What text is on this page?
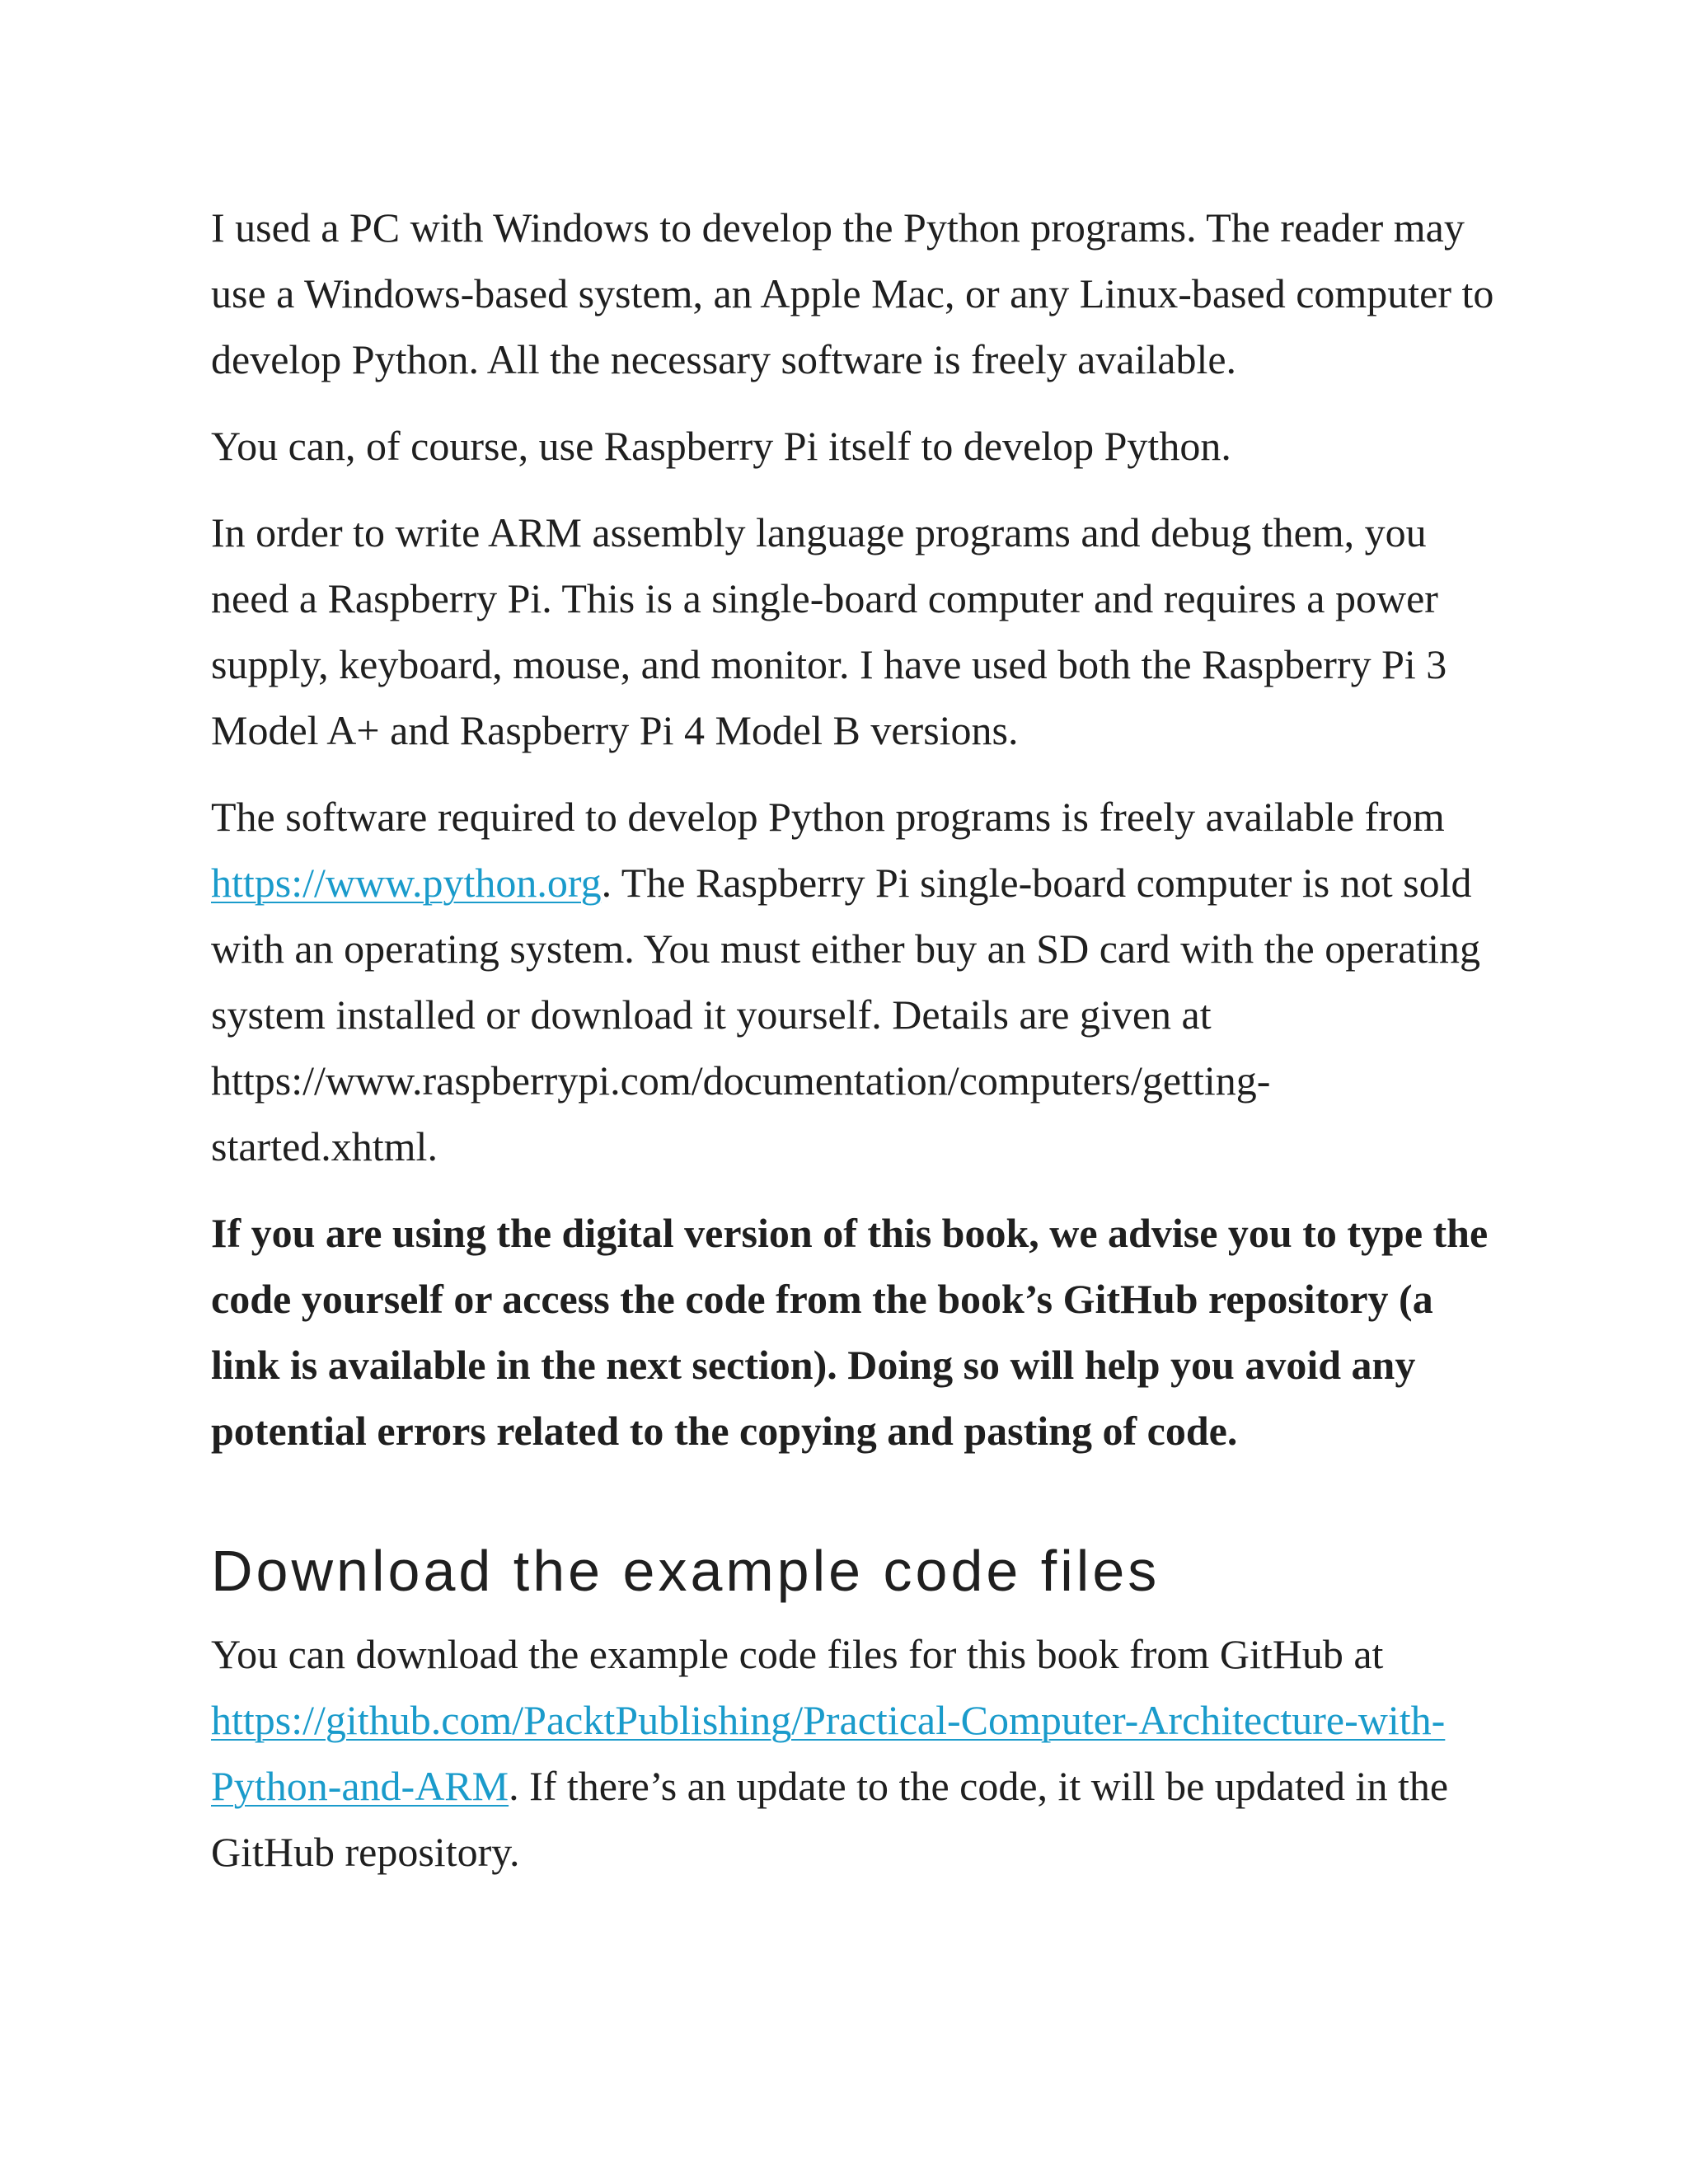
I used a PC with Windows to develop the Python programs. The reader may use a Windows-based system, an Apple Mac, or any Linux-based computer to develop Python. All the necessary software is freely available.

You can, of course, use Raspberry Pi itself to develop Python.

In order to write ARM assembly language programs and debug them, you need a Raspberry Pi. This is a single-board computer and requires a power supply, keyboard, mouse, and monitor. I have used both the Raspberry Pi 3 Model A+ and Raspberry Pi 4 Model B versions.

The software required to develop Python programs is freely available from https://www.python.org. The Raspberry Pi single-board computer is not sold with an operating system. You must either buy an SD card with the operating system installed or download it yourself. Details are given at https://www.raspberrypi.com/documentation/computers/getting-started.xhtml.

If you are using the digital version of this book, we advise you to type the code yourself or access the code from the book’s GitHub repository (a link is available in the next section). Doing so will help you avoid any potential errors related to the copying and pasting of code.

Download the example code files

You can download the example code files for this book from GitHub at https://github.com/PacktPublishing/Practical-Computer-Architecture-with-Python-and-ARM. If there’s an update to the code, it will be updated in the GitHub repository.
